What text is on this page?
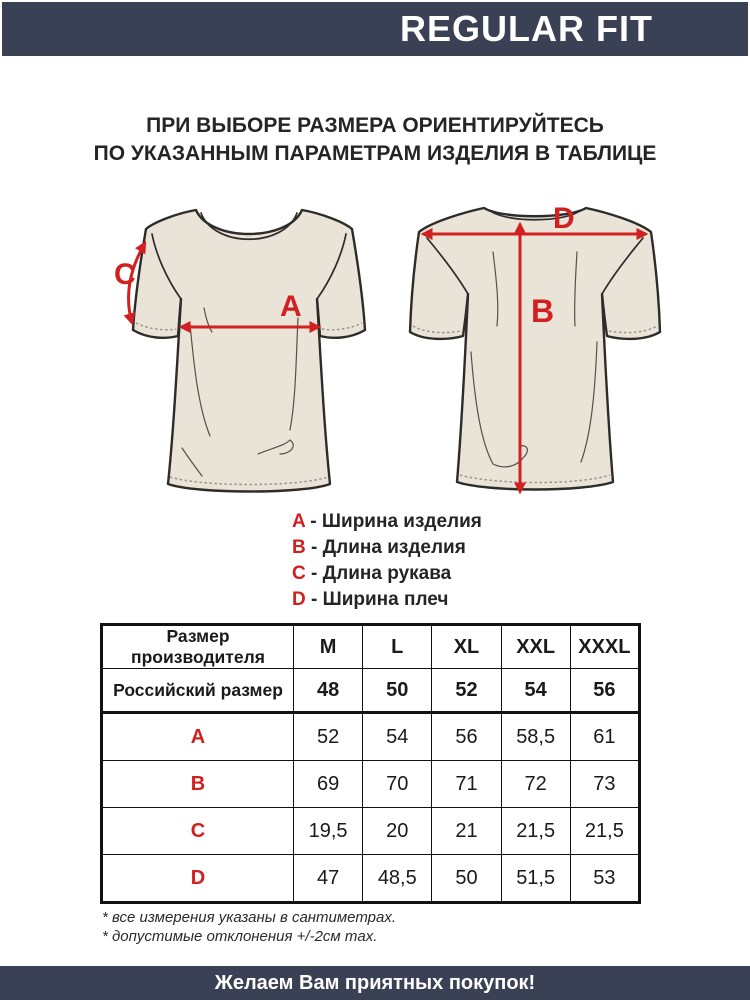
REGULAR FIT
ПРИ ВЫБОРЕ РАЗМЕРА ОРИЕНТИРУЙТЕСЬ
ПО УКАЗАННЫМ ПАРАМЕТРАМ ИЗДЕЛИЯ В ТАБЛИЦЕ
A
C
D
B
A - Ширина изделия
B - Длина изделия
C - Длина рукава
D - Ширина плеч
Размер производителя	M	L	XL	XXL	XXXL
Российский размер	48	50	52	54	56
A	52	54	56	58,5	61
B	69	70	71	72	73
C	19,5	20	21	21,5	21,5
D	47	48,5	50	51,5	53
* все измерения указаны в сантиметрах.
* допустимые отклонения +/-2см max.
Желаем Вам приятных покупок!
